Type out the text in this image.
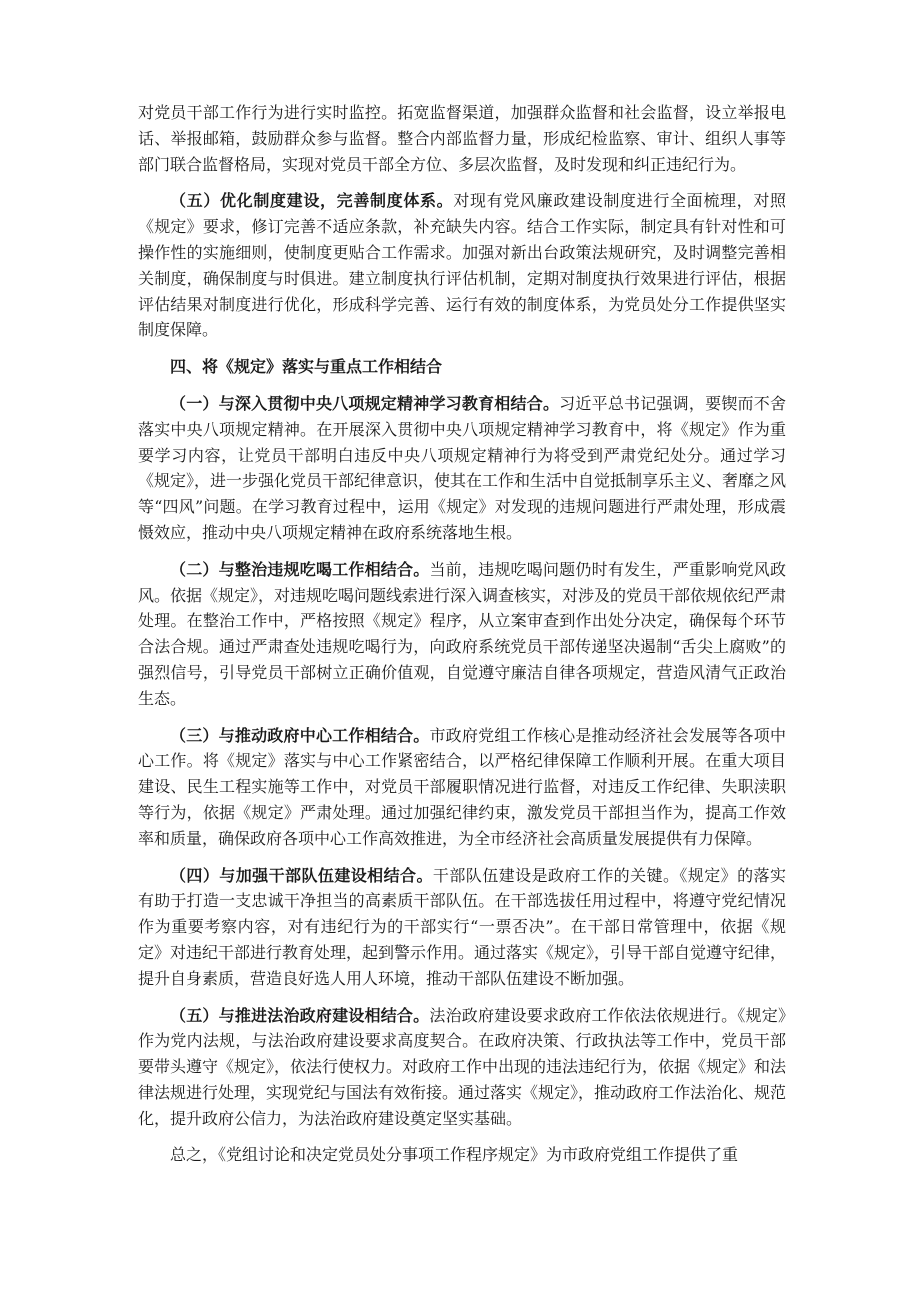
对党员干部工作行为进行实时监控。拓宽监督渠道，加强群众监督和社会监督，设立举报电话、举报邮箱，鼓励群众参与监督。整合内部监督力量，形成纪检监察、审计、组织人事等部门联合监督格局，实现对党员干部全方位、多层次监督，及时发现和纠正违纪行为。

（五）优化制度建设，完善制度体系。对现有党风廉政建设制度进行全面梳理，对照《规定》要求，修订完善不适应条款，补充缺失内容。结合工作实际，制定具有针对性和可操作性的实施细则，使制度更贴合工作需求。加强对新出台政策法规研究，及时调整完善相关制度，确保制度与时俱进。建立制度执行评估机制，定期对制度执行效果进行评估，根据评估结果对制度进行优化，形成科学完善、运行有效的制度体系，为党员处分工作提供坚实制度保障。

四、将《规定》落实与重点工作相结合

（一）与深入贯彻中央八项规定精神学习教育相结合。习近平总书记强调，要锲而不舍落实中央八项规定精神。在开展深入贯彻中央八项规定精神学习教育中，将《规定》作为重要学习内容，让党员干部明白违反中央八项规定精神行为将受到严肃党纪处分。通过学习《规定》，进一步强化党员干部纪律意识，使其在工作和生活中自觉抵制享乐主义、奢靡之风等“四风”问题。在学习教育过程中，运用《规定》对发现的违规问题进行严肃处理，形成震慑效应，推动中央八项规定精神在政府系统落地生根。

（二）与整治违规吃喝工作相结合。当前，违规吃喝问题仍时有发生，严重影响党风政风。依据《规定》，对违规吃喝问题线索进行深入调查核实，对涉及的党员干部依规依纪严肃处理。在整治工作中，严格按照《规定》程序，从立案审查到作出处分决定，确保每个环节合法合规。通过严肃查处违规吃喝行为，向政府系统党员干部传递坚决遏制“舌尖上腐败”的强烈信号，引导党员干部树立正确价值观，自觉遵守廉洁自律各项规定，营造风清气正政治生态。

（三）与推动政府中心工作相结合。市政府党组工作核心是推动经济社会发展等各项中心工作。将《规定》落实与中心工作紧密结合，以严格纪律保障工作顺利开展。在重大项目建设、民生工程实施等工作中，对党员干部履职情况进行监督，对违反工作纪律、失职渎职等行为，依据《规定》严肃处理。通过加强纪律约束，激发党员干部担当作为，提高工作效率和质量，确保政府各项中心工作高效推进，为全市经济社会高质量发展提供有力保障。

（四）与加强干部队伍建设相结合。干部队伍建设是政府工作的关键。《规定》的落实有助于打造一支忠诚干净担当的高素质干部队伍。在干部选拔任用过程中，将遵守党纪情况作为重要考察内容，对有违纪行为的干部实行“一票否决”。在干部日常管理中，依据《规定》对违纪干部进行教育处理，起到警示作用。通过落实《规定》，引导干部自觉遵守纪律，提升自身素质，营造良好选人用人环境，推动干部队伍建设不断加强。

（五）与推进法治政府建设相结合。法治政府建设要求政府工作依法依规进行。《规定》作为党内法规，与法治政府建设要求高度契合。在政府决策、行政执法等工作中，党员干部要带头遵守《规定》，依法行使权力。对政府工作中出现的违法违纪行为，依据《规定》和法律法规进行处理，实现党纪与国法有效衔接。通过落实《规定》，推动政府工作法治化、规范化，提升政府公信力，为法治政府建设奠定坚实基础。

总之，《党组讨论和决定党员处分事项工作程序规定》为市政府党组工作提供了重
